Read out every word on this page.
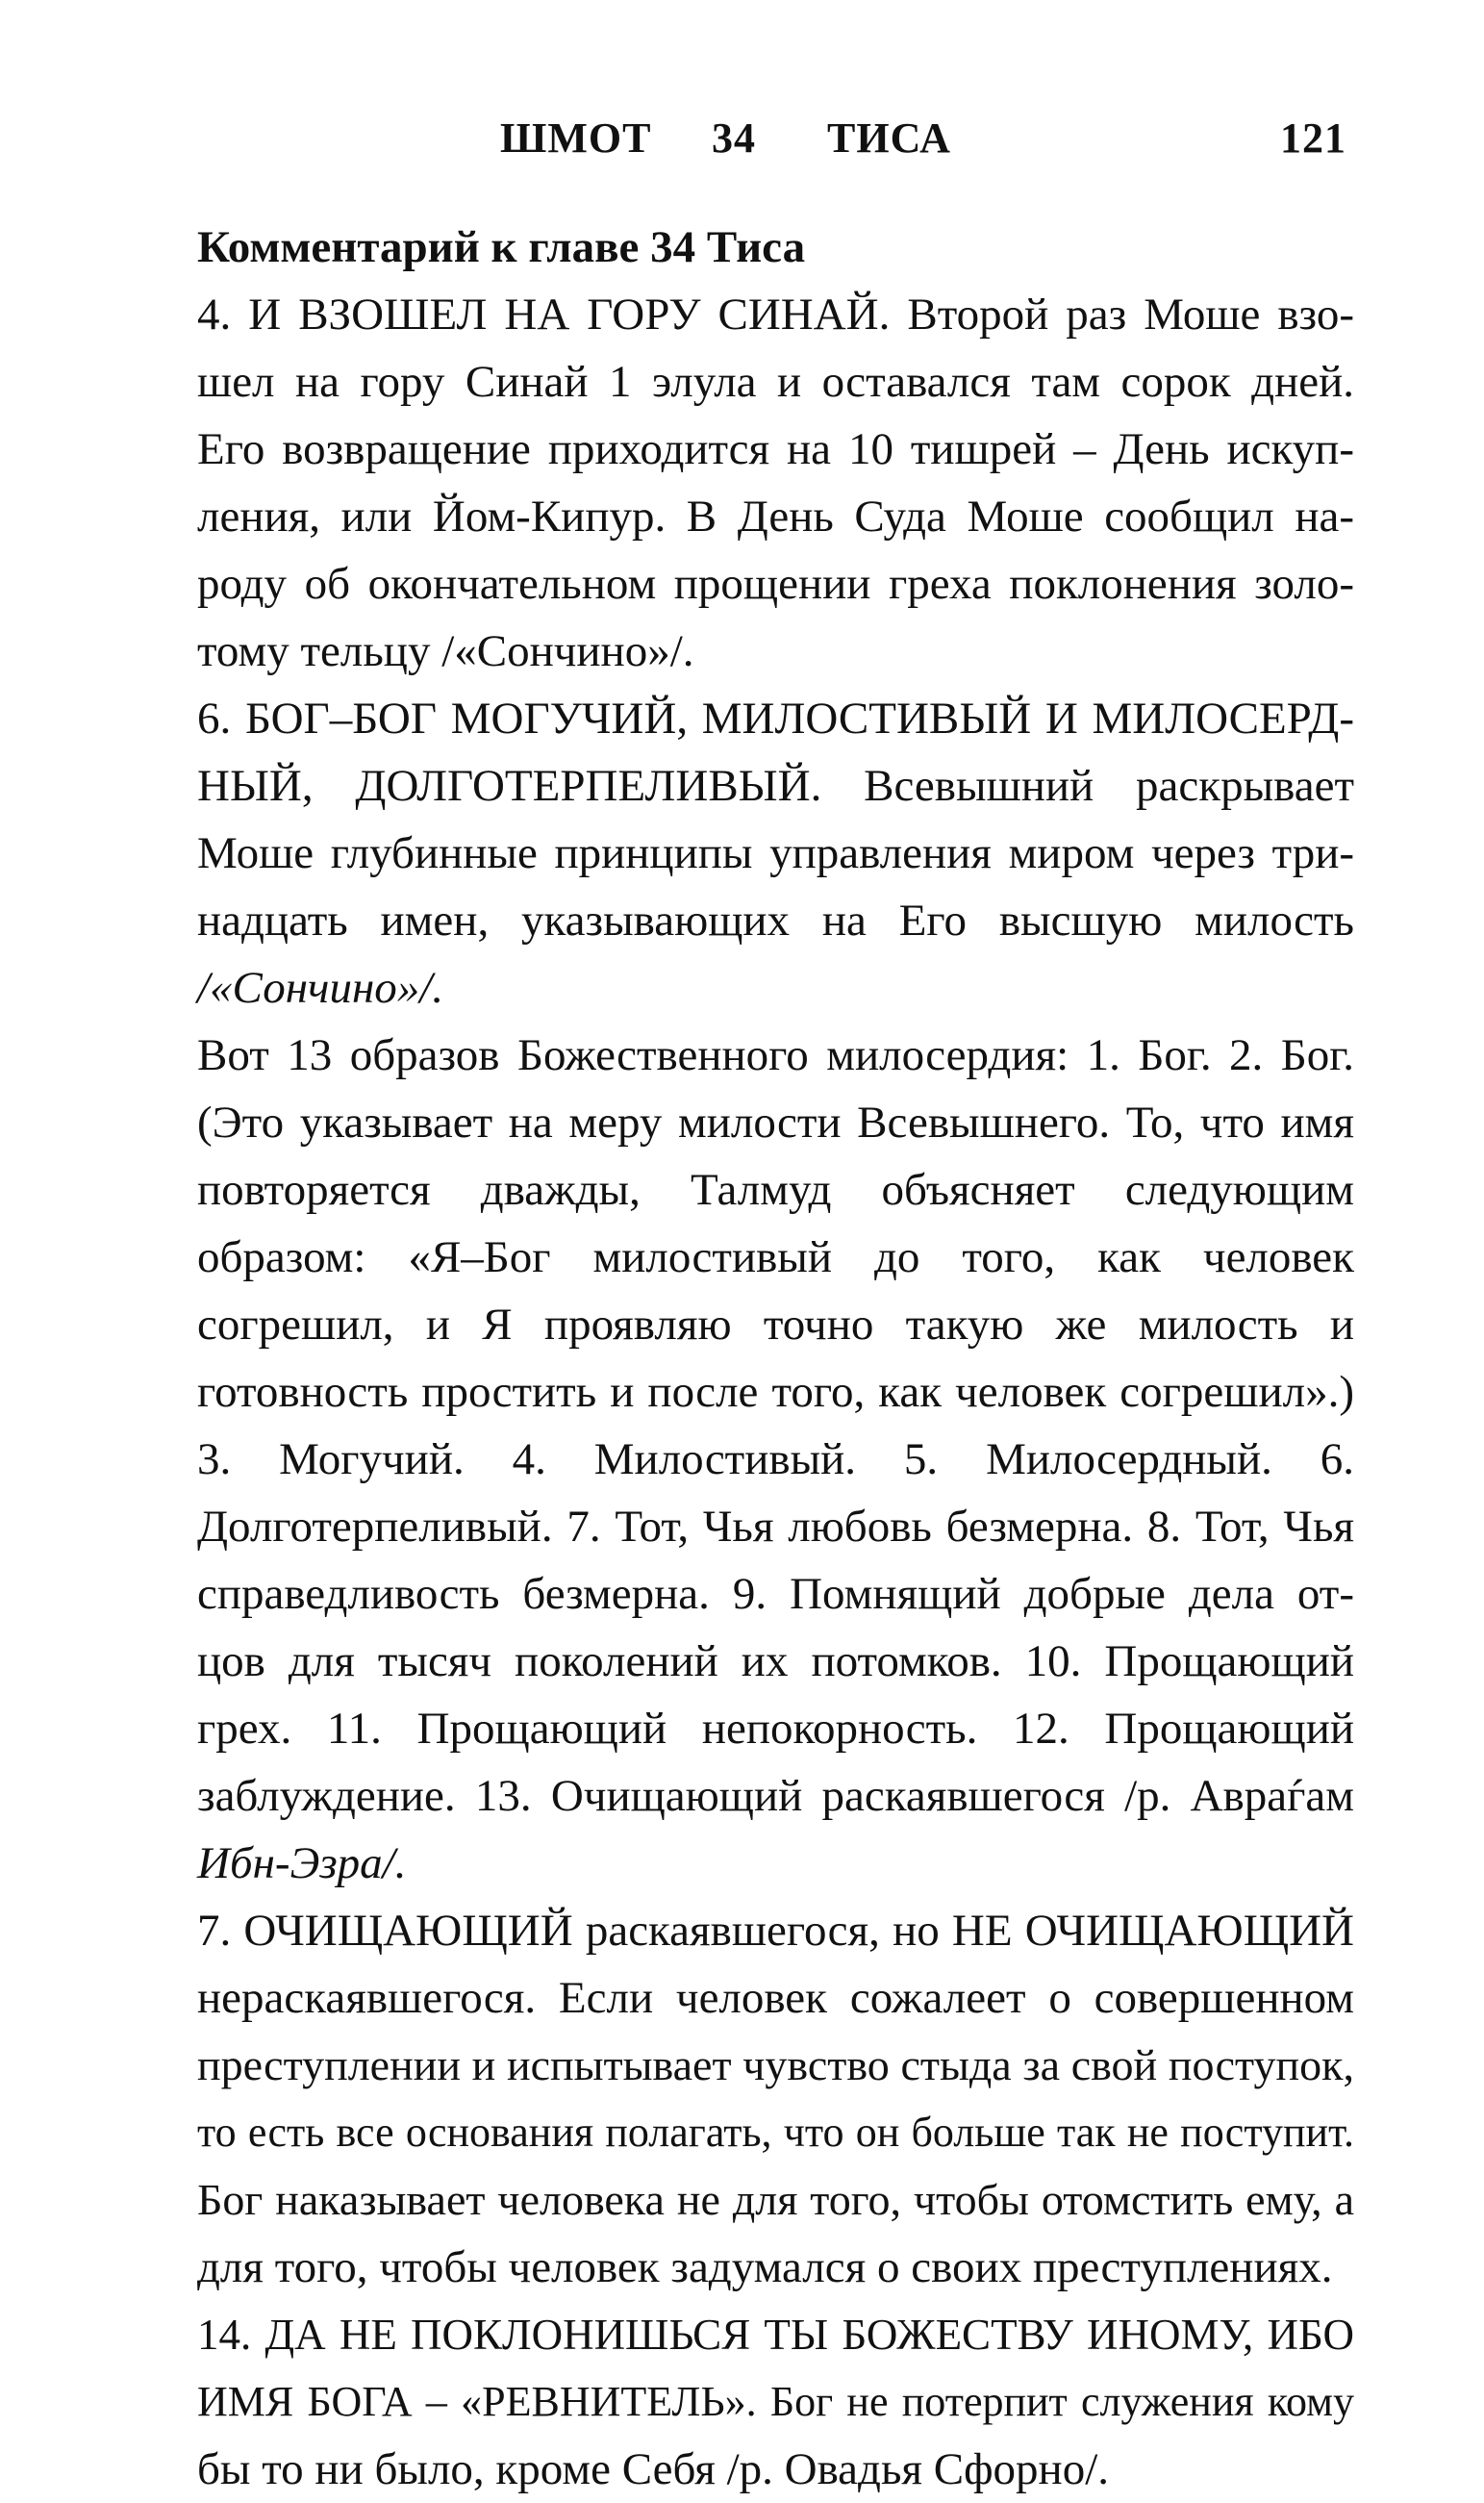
ШМОТ 34 ТИСА	121
Комментарий к главе 34 Тиса
4. И ВЗОШЕЛ НА ГОРУ СИНАЙ. Второй раз Моше взо-
шел на гору Синай 1 элула и оставался там сорок дней.
Его возвращение приходится на 10 тишрей – День искуп-
ления, или Йом-Кипур. В День Суда Моше сообщил на-
роду об окончательном прощении греха поклонения золо-
тому тельцу /«Сончино»/.
6. БОГ–БОГ МОГУЧИЙ, МИЛОСТИВЫЙ И МИЛОСЕРД-
НЫЙ, ДОЛГОТЕРПЕЛИВЫЙ. Всевышний раскрывает
Моше глубинные принципы управления миром через три-
надцать имен, указывающих на Его высшую милость
/«Сончино»/.
Вот 13 образов Божественного милосердия: 1. Бог. 2. Бог.
(Это указывает на меру милости Всевышнего. То, что имя
повторяется дважды, Талмуд объясняет следующим
образом: «Я–Бог милостивый до того, как человек
согрешил, и Я проявляю точно такую же милость и
готовность простить и после того, как человек согрешил».)
3. Могучий. 4. Милостивый. 5. Милосердный. 6.
Долготерпеливый. 7. Тот, Чья любовь безмерна. 8. Тот, Чья
справедливость безмерна. 9. Помнящий добрые дела от-
цов для тысяч поколений их потомков. 10. Прощающий
грех. 11. Прощающий непокорность. 12. Прощающий
заблуждение. 13. Очищающий раскаявшегося /р. Авраѓам
Ибн-Эзра/.
7. ОЧИЩАЮЩИЙ раскаявшегося, но НЕ ОЧИЩАЮЩИЙ
нераскаявшегося. Если человек сожалеет о совершенном
преступлении и испытывает чувство стыда за свой поступок,
то есть все основания полагать, что он больше так не поступит.
Бог наказывает человека не для того, чтобы отомстить ему, а
для того, чтобы человек задумался о своих преступлениях.
14. ДА НЕ ПОКЛОНИШЬСЯ ТЫ БОЖЕСТВУ ИНОМУ, ИБО
ИМЯ БОГА – «РЕВНИТЕЛЬ». Бог не потерпит служения кому
бы то ни было, кроме Себя /р. Овадья Сфорно/.
